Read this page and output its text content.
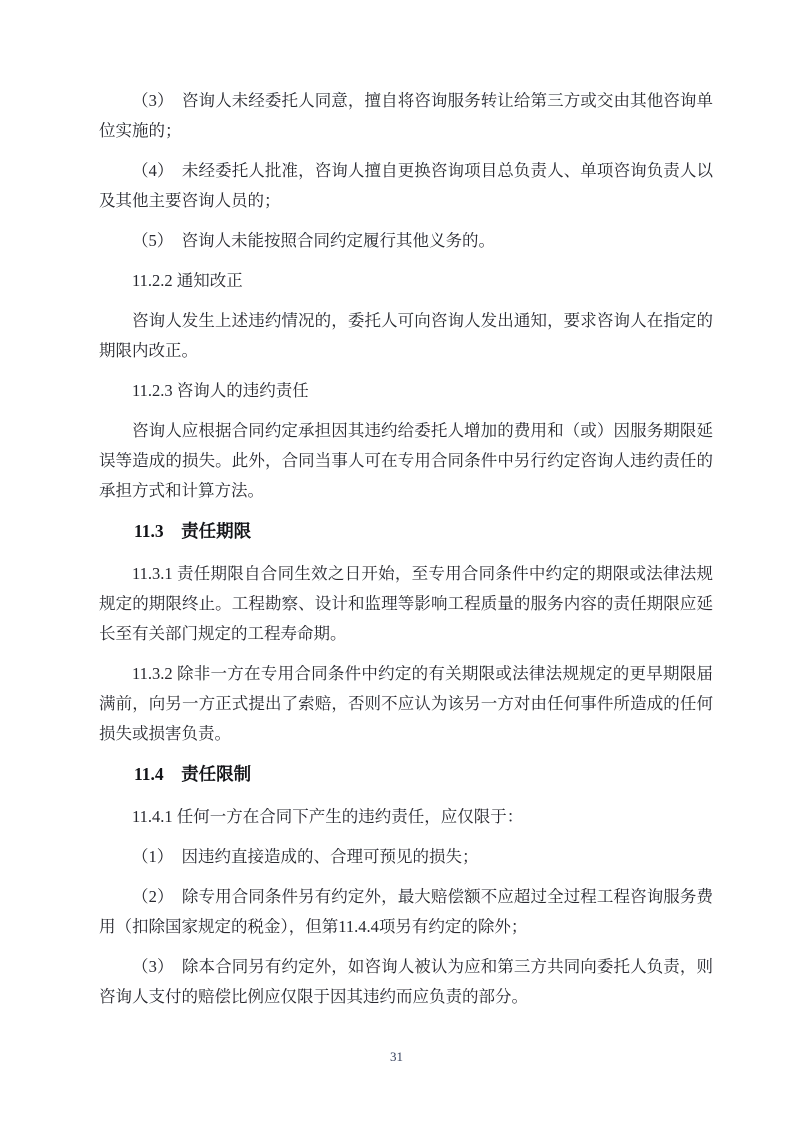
（3）　咨询人未经委托人同意，擅自将咨询服务转让给第三方或交由其他咨询单位实施的；

（4）　未经委托人批准，咨询人擅自更换咨询项目总负责人、单项咨询负责人以及其他主要咨询人员的；

（5）　咨询人未能按照合同约定履行其他义务的。

11.2.2 通知改正

咨询人发生上述违约情况的，委托人可向咨询人发出通知，要求咨询人在指定的期限内改正。

11.2.3 咨询人的违约责任

咨询人应根据合同约定承担因其违约给委托人增加的费用和（或）因服务期限延误等造成的损失。此外，合同当事人可在专用合同条件中另行约定咨询人违约责任的承担方式和计算方法。

11.3　责任期限

11.3.1 责任期限自合同生效之日开始，至专用合同条件中约定的期限或法律法规规定的期限终止。工程勘察、设计和监理等影响工程质量的服务内容的责任期限应延长至有关部门规定的工程寿命期。

11.3.2 除非一方在专用合同条件中约定的有关期限或法律法规规定的更早期限届满前，向另一方正式提出了索赔，否则不应认为该另一方对由任何事件所造成的任何损失或损害负责。

11.4　责任限制

11.4.1 任何一方在合同下产生的违约责任，应仅限于：

（1）　因违约直接造成的、合理可预见的损失；

（2）　除专用合同条件另有约定外，最大赔偿额不应超过全过程工程咨询服务费用（扣除国家规定的税金），但第11.4.4项另有约定的除外；

（3）　除本合同另有约定外，如咨询人被认为应和第三方共同向委托人负责，则咨询人支付的赔偿比例应仅限于因其违约而应负责的部分。

31
